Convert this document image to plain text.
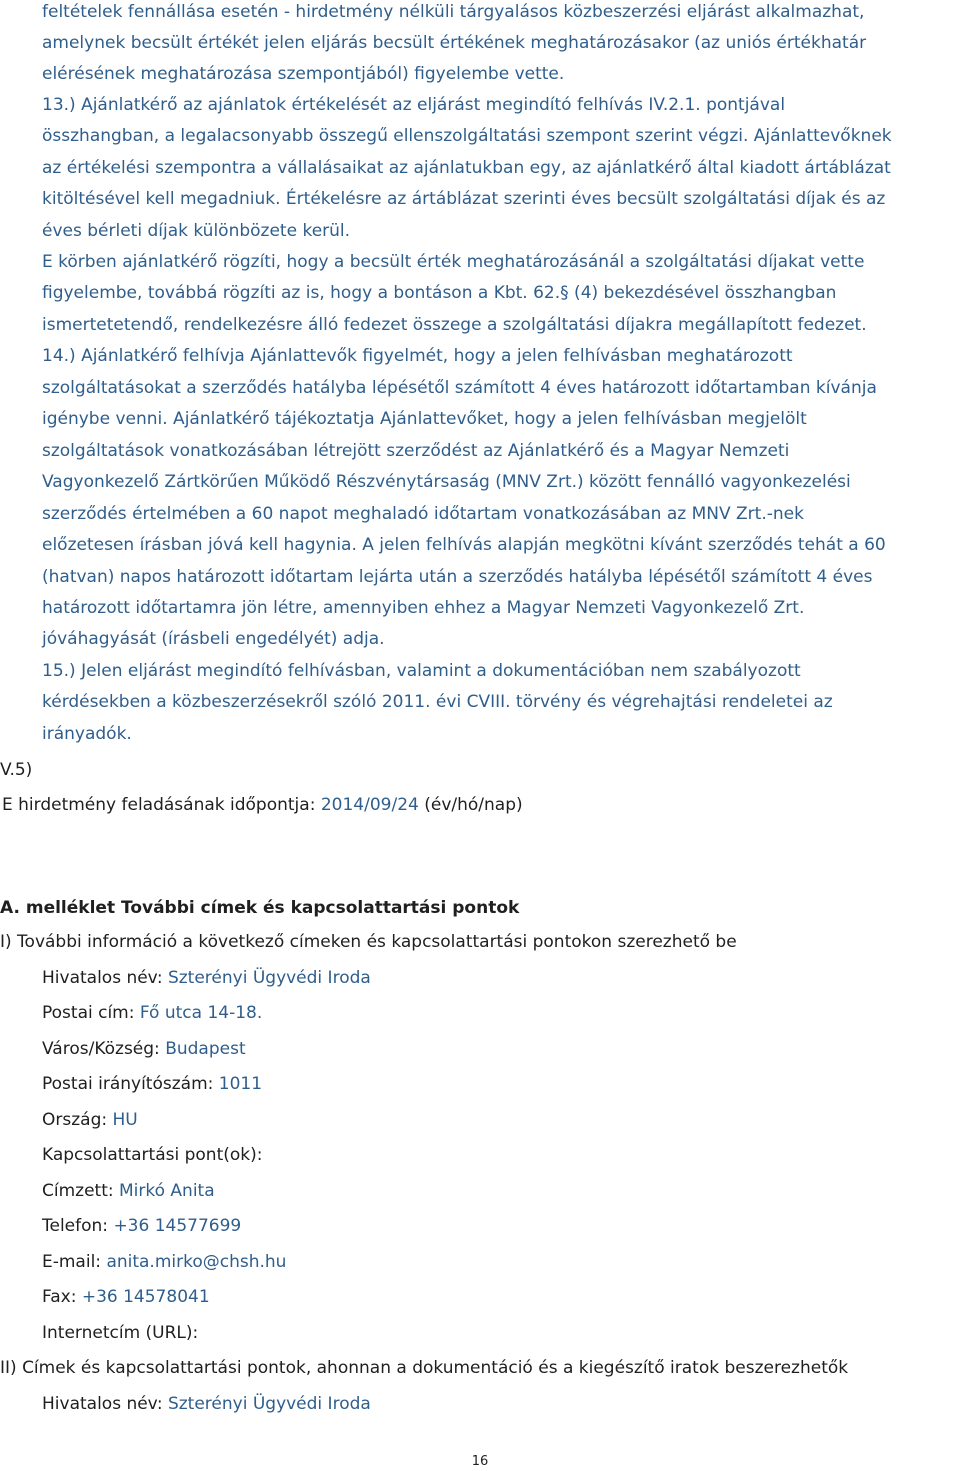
feltételek fennállása esetén - hirdetmény nélküli tárgyalásos közbeszerzési eljárást alkalmazhat,
amelynek becsült értékét jelen eljárás becsült értékének meghatározásakor (az uniós értékhatár
elérésének meghatározása szempontjából) figyelembe vette.
13.) Ajánlatkérő az ajánlatok értékelését az eljárást megindító felhívás IV.2.1. pontjával
összhangban, a legalacsonyabb összegű ellenszolgáltatási szempont szerint végzi. Ajánlattevőknek
az értékelési szempontra a vállalásaikat az ajánlatukban egy, az ajánlatkérő által kiadott ártáblázat
kitöltésével kell megadniuk. Értékelésre az ártáblázat szerinti éves becsült szolgáltatási díjak és az
éves bérleti díjak különbözete kerül.
E körben ajánlatkérő rögzíti, hogy a becsült érték meghatározásánál a szolgáltatási díjakat vette
figyelembe, továbbá rögzíti az is, hogy a bontáson a Kbt. 62.§ (4) bekezdésével összhangban
ismertetetendő, rendelkezésre álló fedezet összege a szolgáltatási díjakra megállapított fedezet.
14.) Ajánlatkérő felhívja Ajánlattevők figyelmét, hogy a jelen felhívásban meghatározott
szolgáltatásokat a szerződés hatályba lépésétől számított 4 éves határozott időtartamban kívánja
igénybe venni. Ajánlatkérő tájékoztatja Ajánlattevőket, hogy a jelen felhívásban megjelölt
szolgáltatások vonatkozásában létrejött szerződést az Ajánlatkérő és a Magyar Nemzeti
Vagyonkezelő Zártkörűen Működő Részvénytársaság (MNV Zrt.) között fennálló vagyonkezelési
szerződés értelmében a 60 napot meghaladó időtartam vonatkozásában az MNV Zrt.-nek
előzetesen írásban jóvá kell hagynia. A jelen felhívás alapján megkötni kívánt szerződés tehát a 60
(hatvan) napos határozott időtartam lejárta után a szerződés hatályba lépésétől számított 4 éves
határozott időtartamra jön létre, amennyiben ehhez a Magyar Nemzeti Vagyonkezelő Zrt.
jóváhagyását (írásbeli engedélyét) adja.
15.) Jelen eljárást megindító felhívásban, valamint a dokumentációban nem szabályozott
kérdésekben a közbeszerzésekről szóló 2011. évi CVIII. törvény és végrehajtási rendeletei az
irányadók.
V.5)
E hirdetmény feladásának időpontja: 2014/09/24 (év/hó/nap)
A. melléklet További címek és kapcsolattartási pontok
I) További információ a következő címeken és kapcsolattartási pontokon szerezhető be
Hivatalos név: Szterényi Ügyvédi Iroda
Postai cím: Fő utca 14-18.
Város/Község: Budapest
Postai irányítószám: 1011
Ország: HU
Kapcsolattartási pont(ok):
Címzett: Mirkó Anita
Telefon: +36 14577699
E-mail: anita.mirko@chsh.hu
Fax: +36 14578041
Internetcím (URL):
II) Címek és kapcsolattartási pontok, ahonnan a dokumentáció és a kiegészítő iratok beszerezhetők
Hivatalos név: Szterényi Ügyvédi Iroda
16
